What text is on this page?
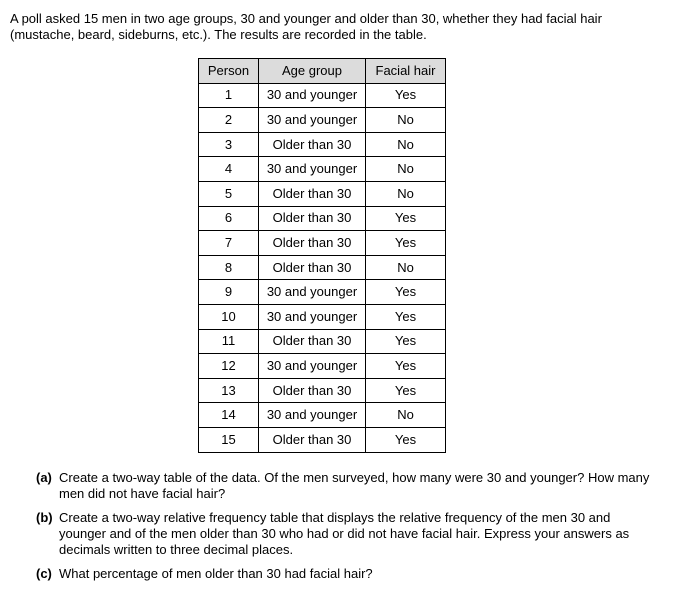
A poll asked 15 men in two age groups, 30 and younger and older than 30, whether they had facial hair (mustache, beard, sideburns, etc.). The results are recorded in the table.

Person	Age group	Facial hair
1	30 and younger	Yes
2	30 and younger	No
3	Older than 30	No
4	30 and younger	No
5	Older than 30	No
6	Older than 30	Yes
7	Older than 30	Yes
8	Older than 30	No
9	30 and younger	Yes
10	30 and younger	Yes
11	Older than 30	Yes
12	30 and younger	Yes
13	Older than 30	Yes
14	30 and younger	No
15	Older than 30	Yes
(a) Create a two-way table of the data. Of the men surveyed, how many were 30 and younger? How many men did not have facial hair?
(b) Create a two-way relative frequency table that displays the relative frequency of the men 30 and younger and of the men older than 30 who had or did not have facial hair. Express your answers as decimals written to three decimal places.
(c) What percentage of men older than 30 had facial hair?
